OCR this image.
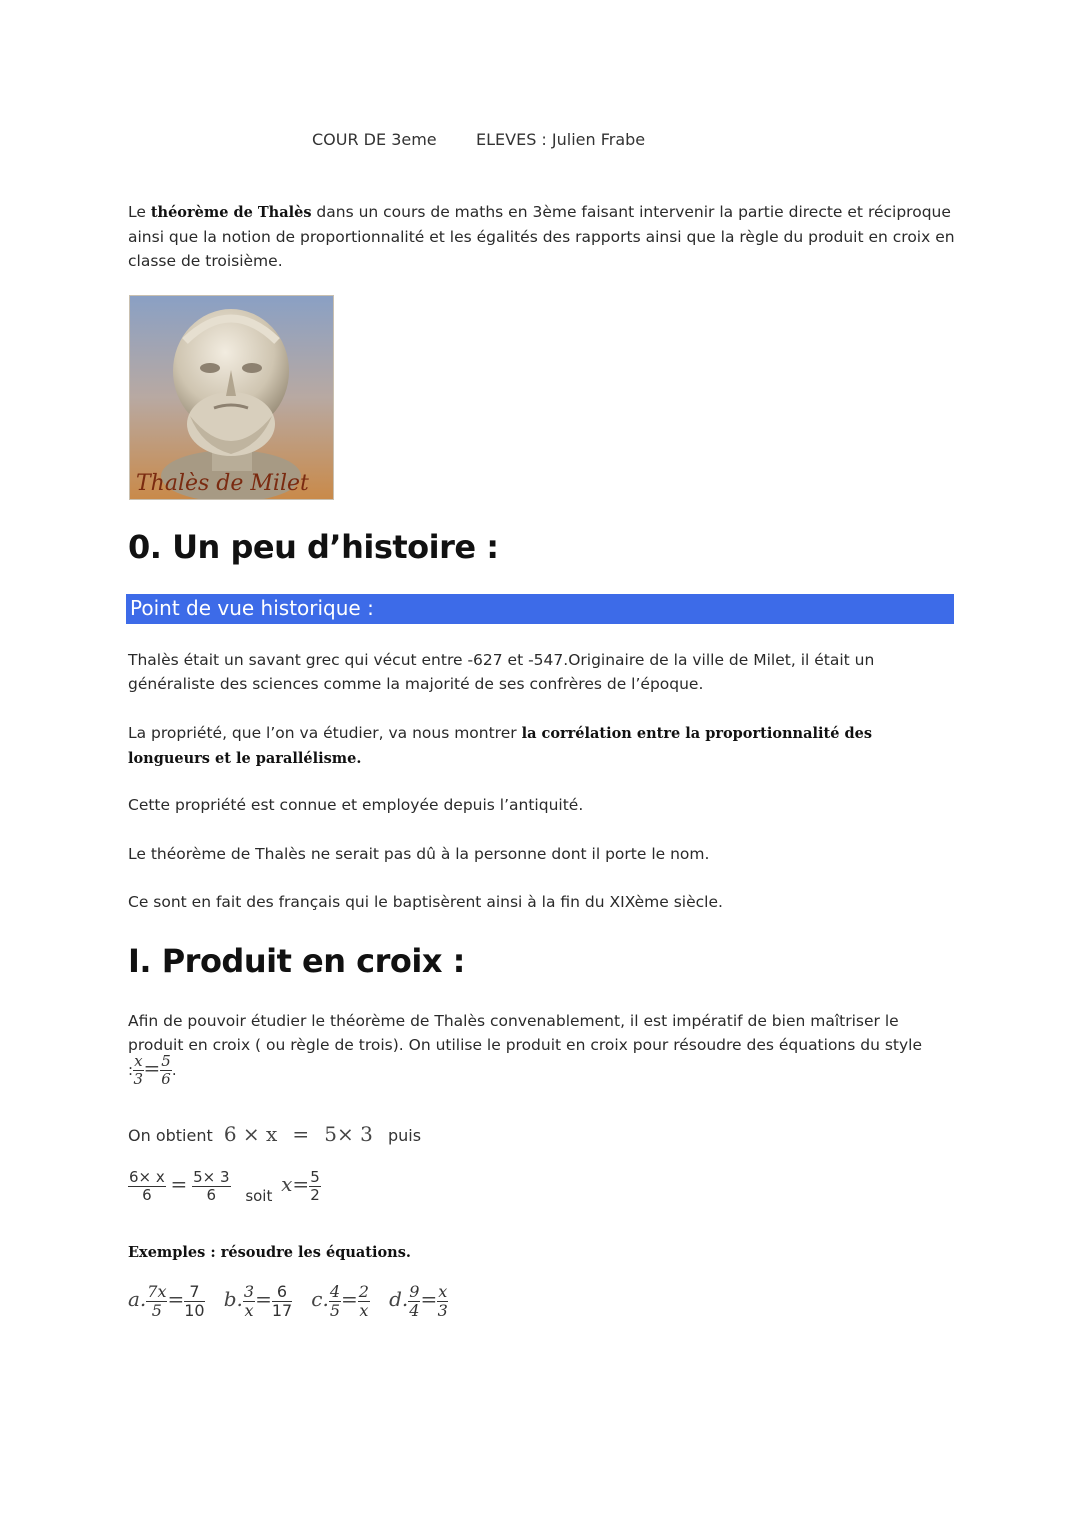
COUR DE 3eme ELEVES : Julien Frabe
Le théorème de Thalès dans un cours de maths en 3ème faisant intervenir la partie directe et réciproque ainsi que la notion de proportionnalité et les égalités des rapports ainsi que la règle du produit en croix en classe de troisième.
Thalès de Milet
0. Un peu d’histoire :
Point de vue historique :
Thalès était un savant grec qui vécut entre -627 et -547.Originaire de la ville de Milet, il était un généraliste des sciences comme la majorité de ses confrères de l’époque.
La propriété, que l’on va étudier, va nous montrer la corrélation entre la proportionnalité des longueurs et le parallélisme.
Cette propriété est connue et employée depuis l’antiquité.
Le théorème de Thalès ne serait pas dû à la personne dont il porte le nom.
Ce sont en fait des français qui le baptisèrent ainsi à la fin du XIXème siècle.
I. Produit en croix :
Afin de pouvoir étudier le théorème de Thalès convenablement, il est impératif de bien maîtriser le produit en croix ( ou règle de trois). On utilise le produit en croix pour résoudre des équations du style
: $\frac{x}{3} = \frac{5}{6}$ .
On obtient 6 × x = 5× 3 puis
$\frac{6\times x}{6} = \frac{5\times 3}{6}$ soit $x= \frac{5}{2}$
Exemples : résoudre les équations.
a. $\frac{7x}{5} = \frac{7}{10} b$. $\frac{3}{x} = \frac{6}{17} c$. $\frac{4}{5} = \frac{2}{x} d$. $\frac{9}{4} = \frac{x}{3}$
